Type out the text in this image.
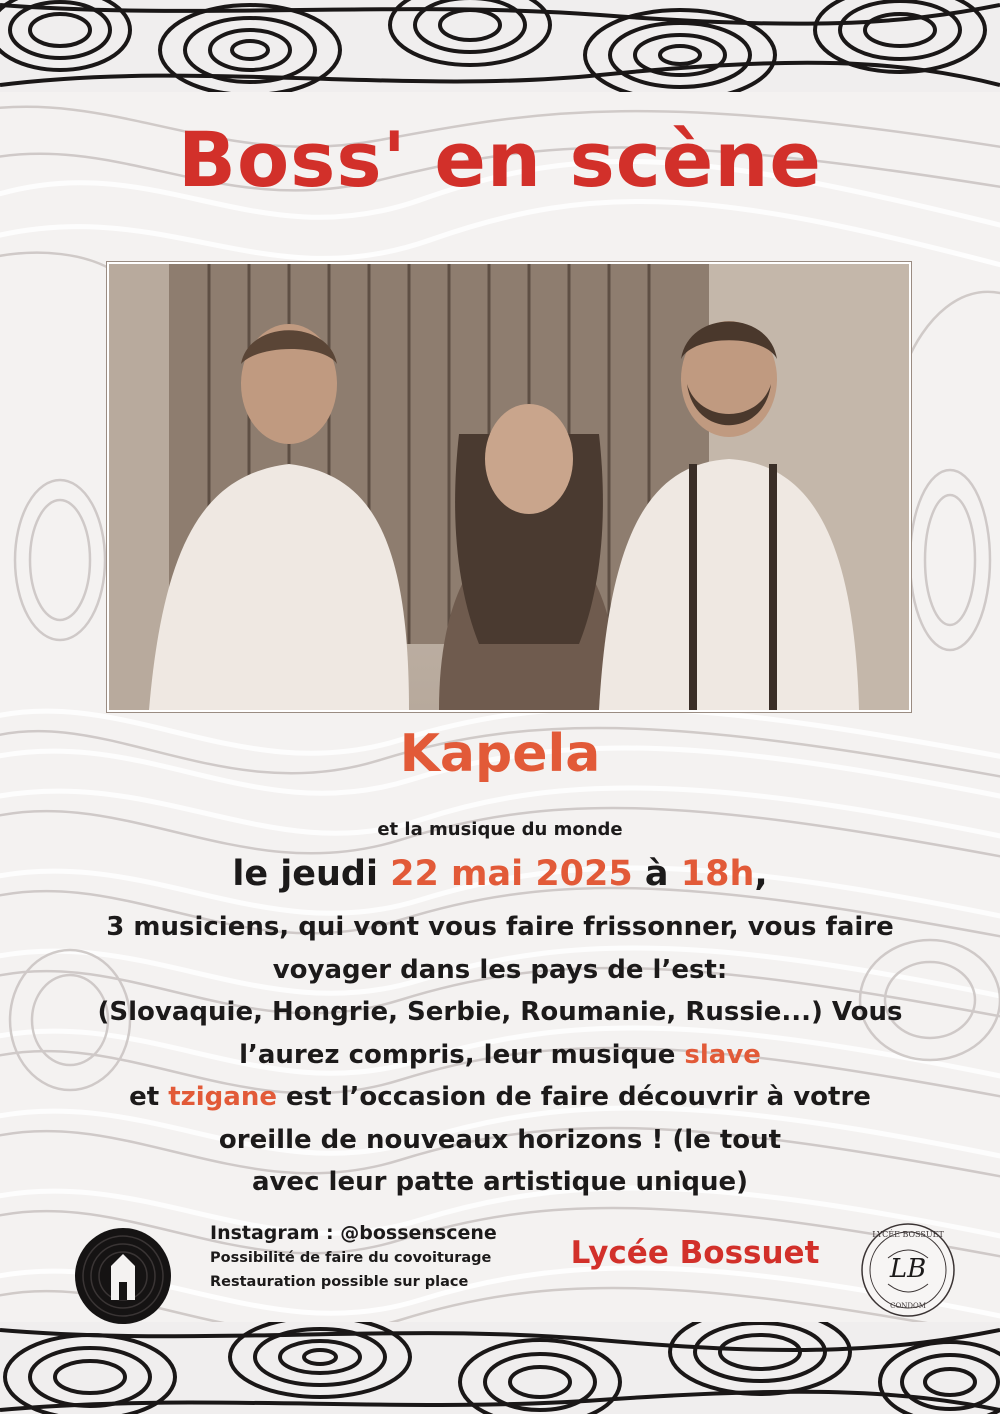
Boss' en scène
Kapela
et la musique du monde
le jeudi 22 mai 2025 à 18h,

3 musiciens, qui vont vous faire frissonner, vous faire

voyager dans les pays de l’est:

(Slovaquie, Hongrie, Serbie, Roumanie, Russie...) Vous

l’aurez compris, leur musique slave

et tzigane est l’occasion de faire découvrir à votre

oreille de nouveaux horizons ! (le tout

avec leur patte artistique unique)

Instagram : @bossenscene
Possibilité de faire du covoiturage
Restauration possible sur place
Lycée Bossuet
LYCÉE BOSSUET
LB
CONDOM
